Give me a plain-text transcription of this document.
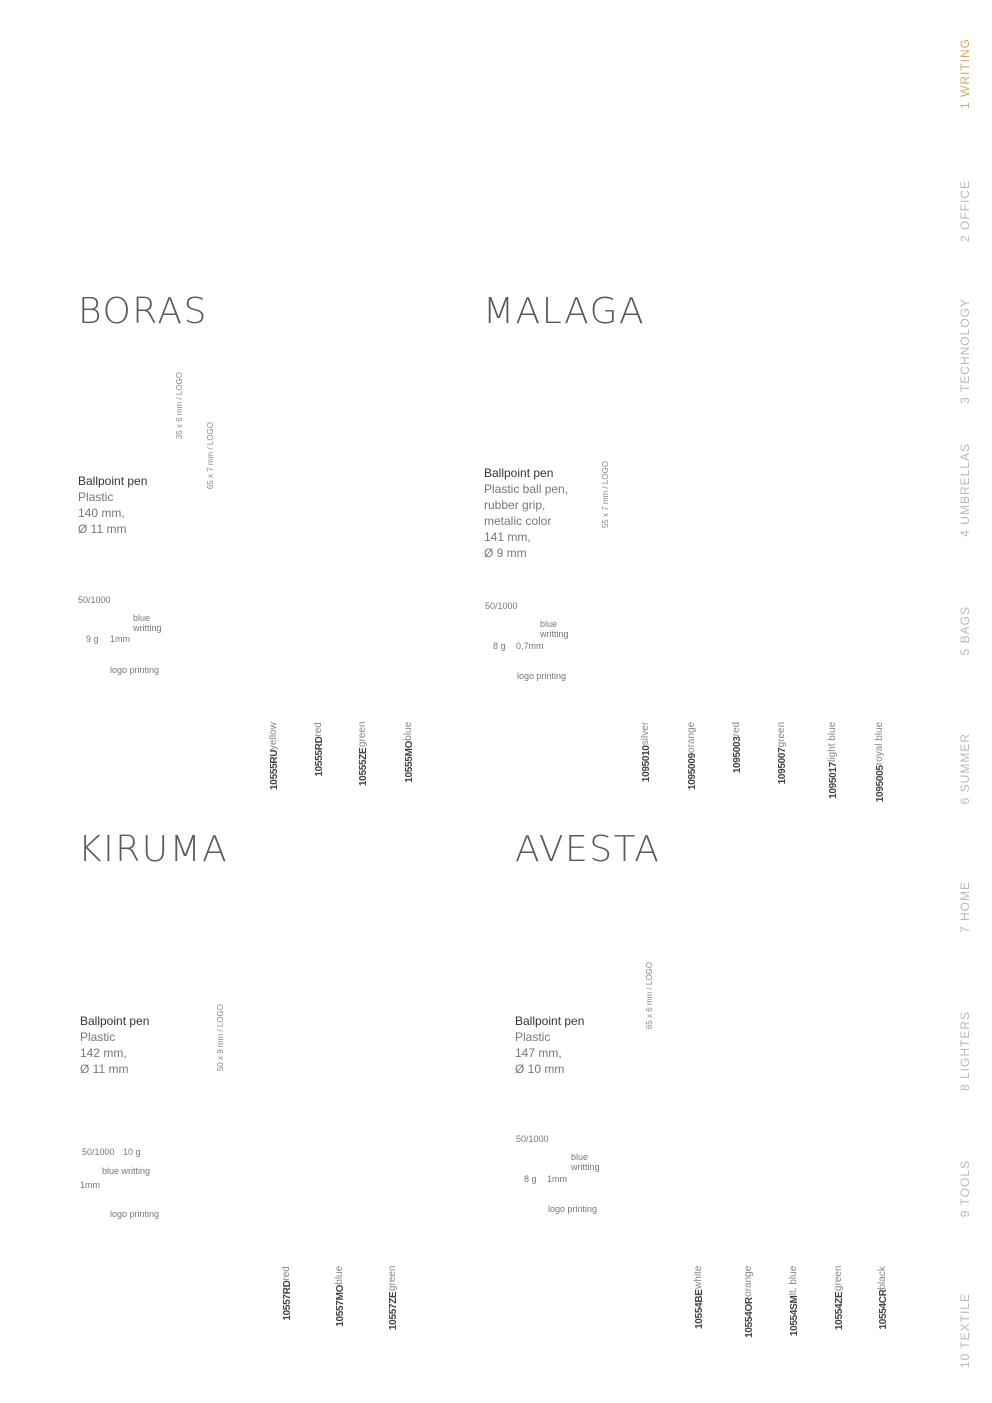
1 WRITING
2 OFFICE
3 TECHNOLOGY
4 UMBRELLAS
5 BAGS
6 SUMMER
7 HOME
8 LIGHTERS
9 TOOLS
10 TEXTILE
BORAS
35 x 6 mm / LOGO
65 x 7 mm / LOGO
Ballpoint pen
Plastic
140 mm,
Ø 11 mm
50/1000
blue writting
9 g 1mm
logo printing
10555RU
yellow
10555RD
red
10555ZE
green
10555MO
blue
MALAGA
55 x 7 mm / LOGO
Ballpoint pen
Plastic ball pen,
rubber grip,
metalic color
141 mm,
Ø 9 mm
50/1000
blue writting
8 g 0,7mm
logo printing
1095010
silver
1095009
orange	1095003
red
1095007
green
1095017
light blue
1095005
royal blue
KIRUMA
50 x 9 mm / LOGO
Ballpoint pen
Plastic
142 mm,
Ø 11 mm
50/1000 10 g
blue writting
1mm
logo printing
10557RD
red
10557MO
blue
10557ZE
green
AVESTA
65 x 6 mm / LOGO
Ballpoint pen
Plastic
147 mm,
Ø 10 mm
50/1000
blue writting
8 g 1mm
logo printing
10554BE
white
10554OR
orange
10554SM
lt. blue
10554ZE
green
10554CR
black
